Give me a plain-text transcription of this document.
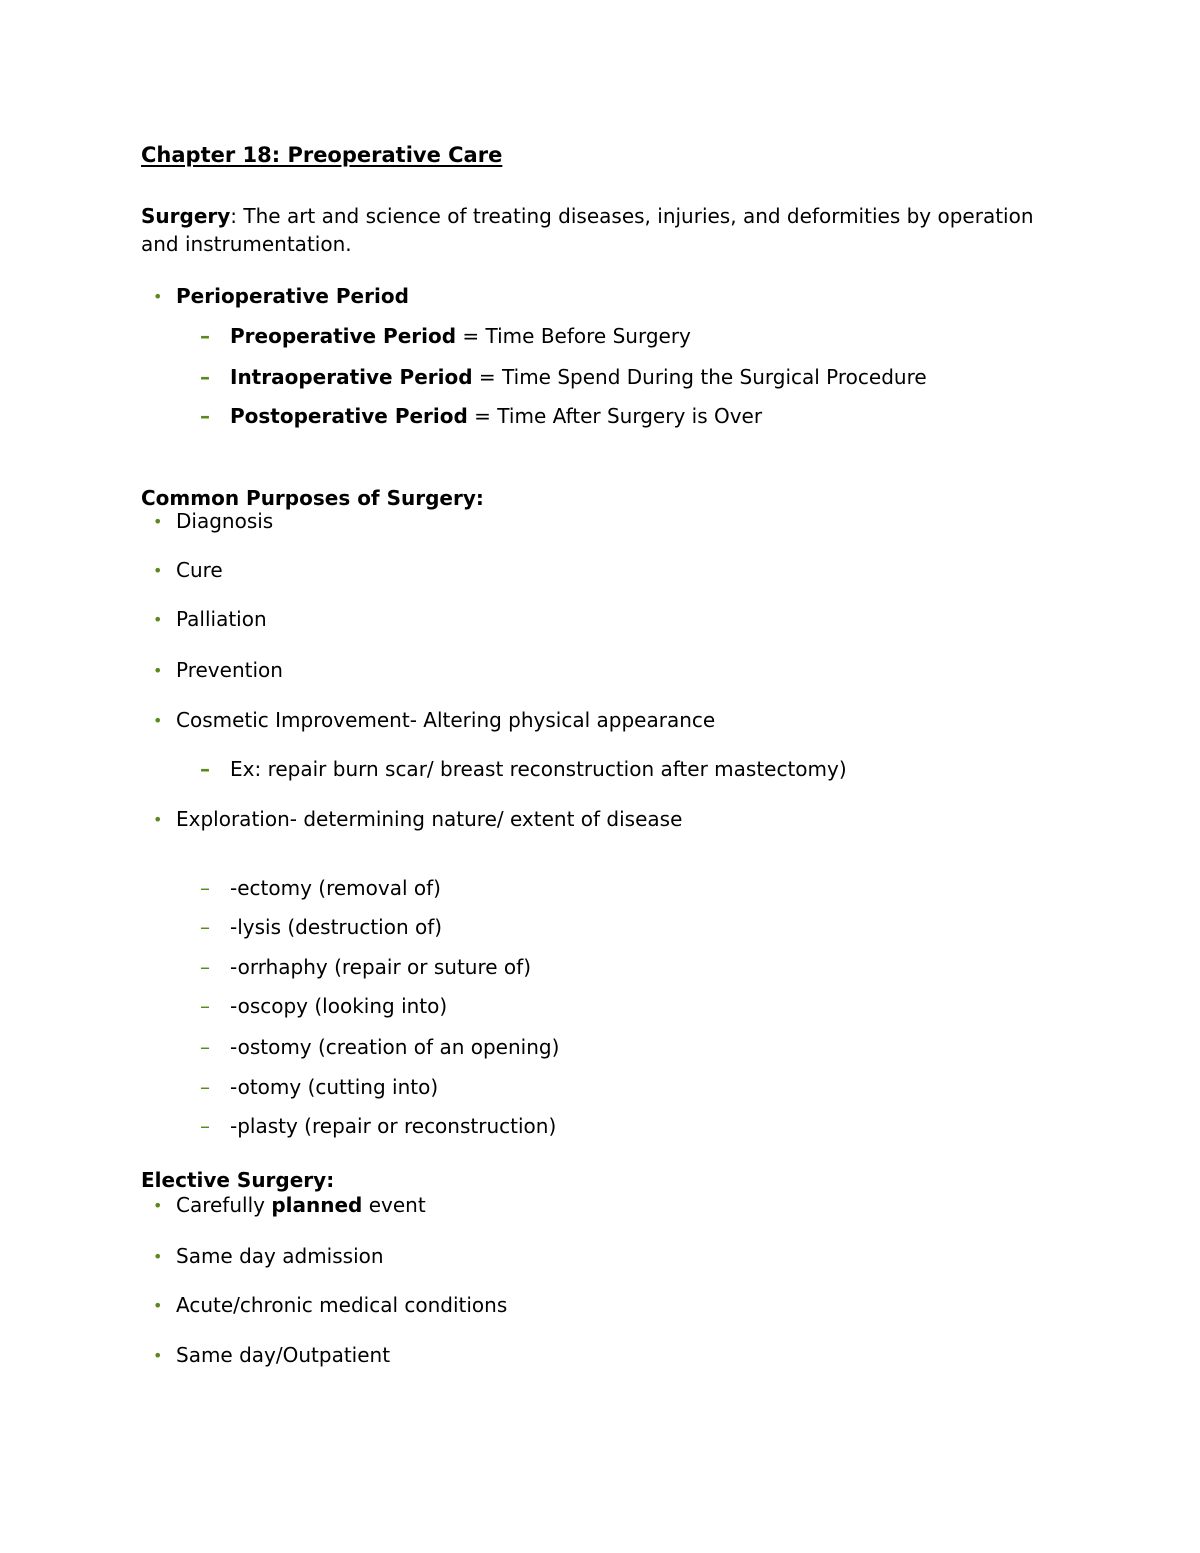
Chapter 18: Preoperative Care
Surgery: The art and science of treating diseases, injuries, and deformities by operation and instrumentation.
• Perioperative Period
– Preoperative Period = Time Before Surgery
– Intraoperative Period = Time Spend During the Surgical Procedure
– Postoperative Period = Time After Surgery is Over
Common Purposes of Surgery:
• Diagnosis
• Cure
• Palliation
• Prevention
• Cosmetic Improvement- Altering physical appearance
– Ex: repair burn scar/ breast reconstruction after mastectomy)
• Exploration- determining nature/ extent of disease
– -ectomy (removal of)
– -lysis (destruction of)
– -orrhaphy (repair or suture of)
– -oscopy (looking into)
– -ostomy (creation of an opening)
– -otomy (cutting into)
– -plasty (repair or reconstruction)
Elective Surgery:
• Carefully planned event
• Same day admission
• Acute/chronic medical conditions
• Same day/Outpatient
